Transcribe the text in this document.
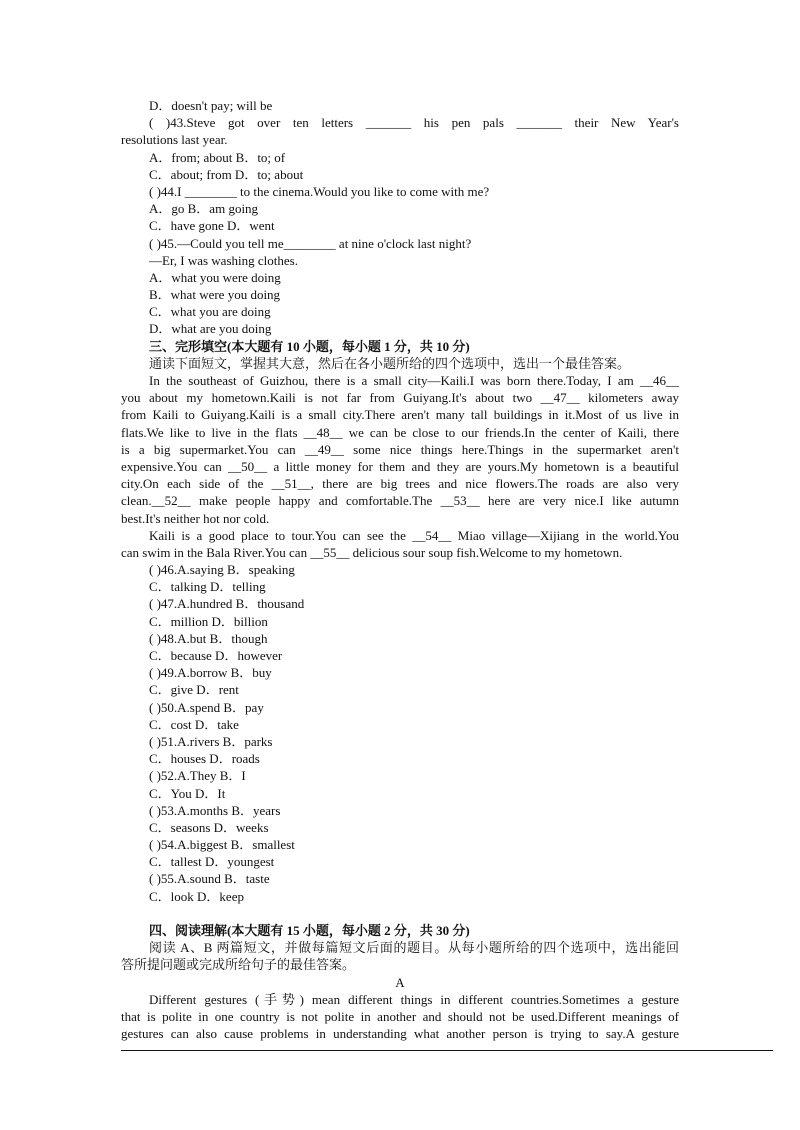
D．doesn't pay; will be
( )43.Steve got over ten letters _______ his pen pals _______ their New Year's
resolutions last year.
A．from; about B．to; of
C．about; from D．to; about
( )44.I ________ to the cinema.Would you like to come with me?
A．go B．am going
C．have gone D．went
( )45.—Could you tell me________ at nine o'clock last night?
—Er, I was washing clothes.
A．what you were doing
B．what were you doing
C．what you are doing
D．what are you doing
三、完形填空(本大题有 10 小题，每小题 1 分，共 10 分)
通读下面短文，掌握其大意，然后在各小题所给的四个选项中，选出一个最佳答案。
In the southeast of Guizhou, there is a small city—Kaili.I was born there.Today, I am __46__
you about my hometown.Kaili is not far from Guiyang.It's about two __47__ kilometers away
from Kaili to Guiyang.Kaili is a small city.There aren't many tall buildings in it.Most of us live in
flats.We like to live in the flats __48__ we can be close to our friends.In the center of Kaili, there
is a big supermarket.You can __49__ some nice things here.Things in the supermarket aren't
expensive.You can __50__ a little money for them and they are yours.My hometown is a beautiful
city.On each side of the __51__, there are big trees and nice flowers.The roads are also very
clean.__52__ make people happy and comfortable.The __53__ here are very nice.I like autumn
best.It's neither hot nor cold.
Kaili is a good place to tour.You can see the __54__ Miao village—Xijiang in the world.You
can swim in the Bala River.You can __55__ delicious sour soup fish.Welcome to my hometown.
( )46.A.saying B．speaking
C．talking D．telling
( )47.A.hundred B．thousand
C．million D．billion
( )48.A.but B．though
C．because D．however
( )49.A.borrow B．buy
C．give D．rent
( )50.A.spend B．pay
C．cost D．take
( )51.A.rivers B．parks
C．houses D．roads
( )52.A.They B．I
C．You D．It
( )53.A.months B．years
C．seasons D．weeks
( )54.A.biggest B．smallest
C．tallest D．youngest
( )55.A.sound B．taste
C．look D．keep
四、阅读理解(本大题有 15 小题，每小题 2 分，共 30 分)
阅读 A、B 两篇短文，并做每篇短文后面的题目。从每小题所给的四个选项中，选出能回
答所提问题或完成所给句子的最佳答案。
A
Different gestures (手势) mean different things in different countries.Sometimes a gesture
that is polite in one country is not polite in another and should not be used.Different meanings of
gestures can also cause problems in understanding what another person is trying to say.A gesture
